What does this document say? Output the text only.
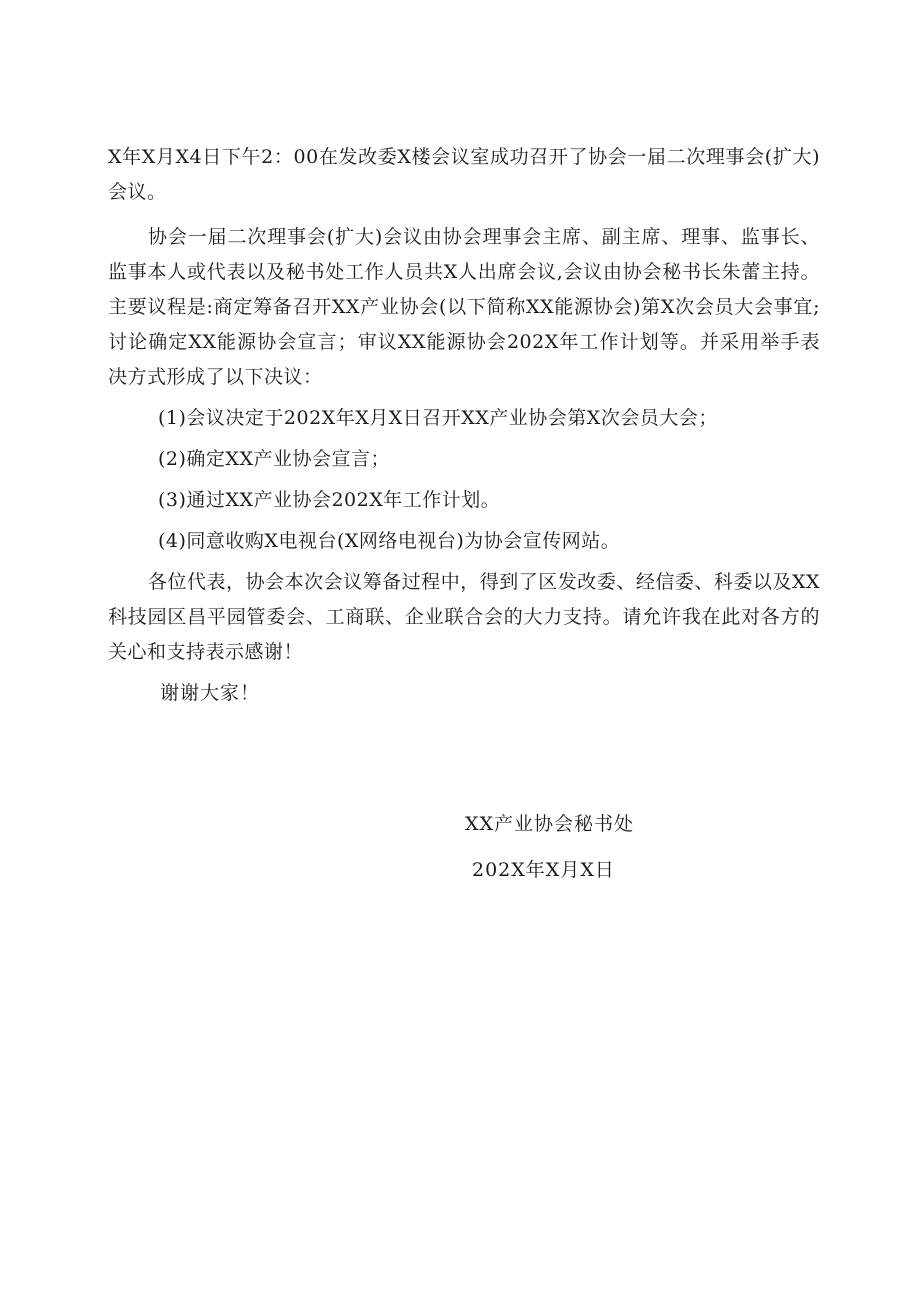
X年X月X4日下午2：00在发改委X楼会议室成功召开了协会一届二次理事会(扩大)会议。

协会一届二次理事会(扩大)会议由协会理事会主席、副主席、理事、监事长、监事本人或代表以及秘书处工作人员共X人出席会议,会议由协会秘书长朱蕾主持。主要议程是:商定筹备召开XX产业协会(以下简称XX能源协会)第X次会员大会事宜;讨论确定XX能源协会宣言；审议XX能源协会202X年工作计划等。并采用举手表决方式形成了以下决议：

(1)会议决定于202X年X月X日召开XX产业协会第X次会员大会；

(2)确定XX产业协会宣言；

(3)通过XX产业协会202X年工作计划。

(4)同意收购X电视台(X网络电视台)为协会宣传网站。

各位代表，协会本次会议筹备过程中，得到了区发改委、经信委、科委以及XX科技园区昌平园管委会、工商联、企业联合会的大力支持。请允许我在此对各方的关心和支持表示感谢！

谢谢大家！

XX产业协会秘书处
202X年X月X日
